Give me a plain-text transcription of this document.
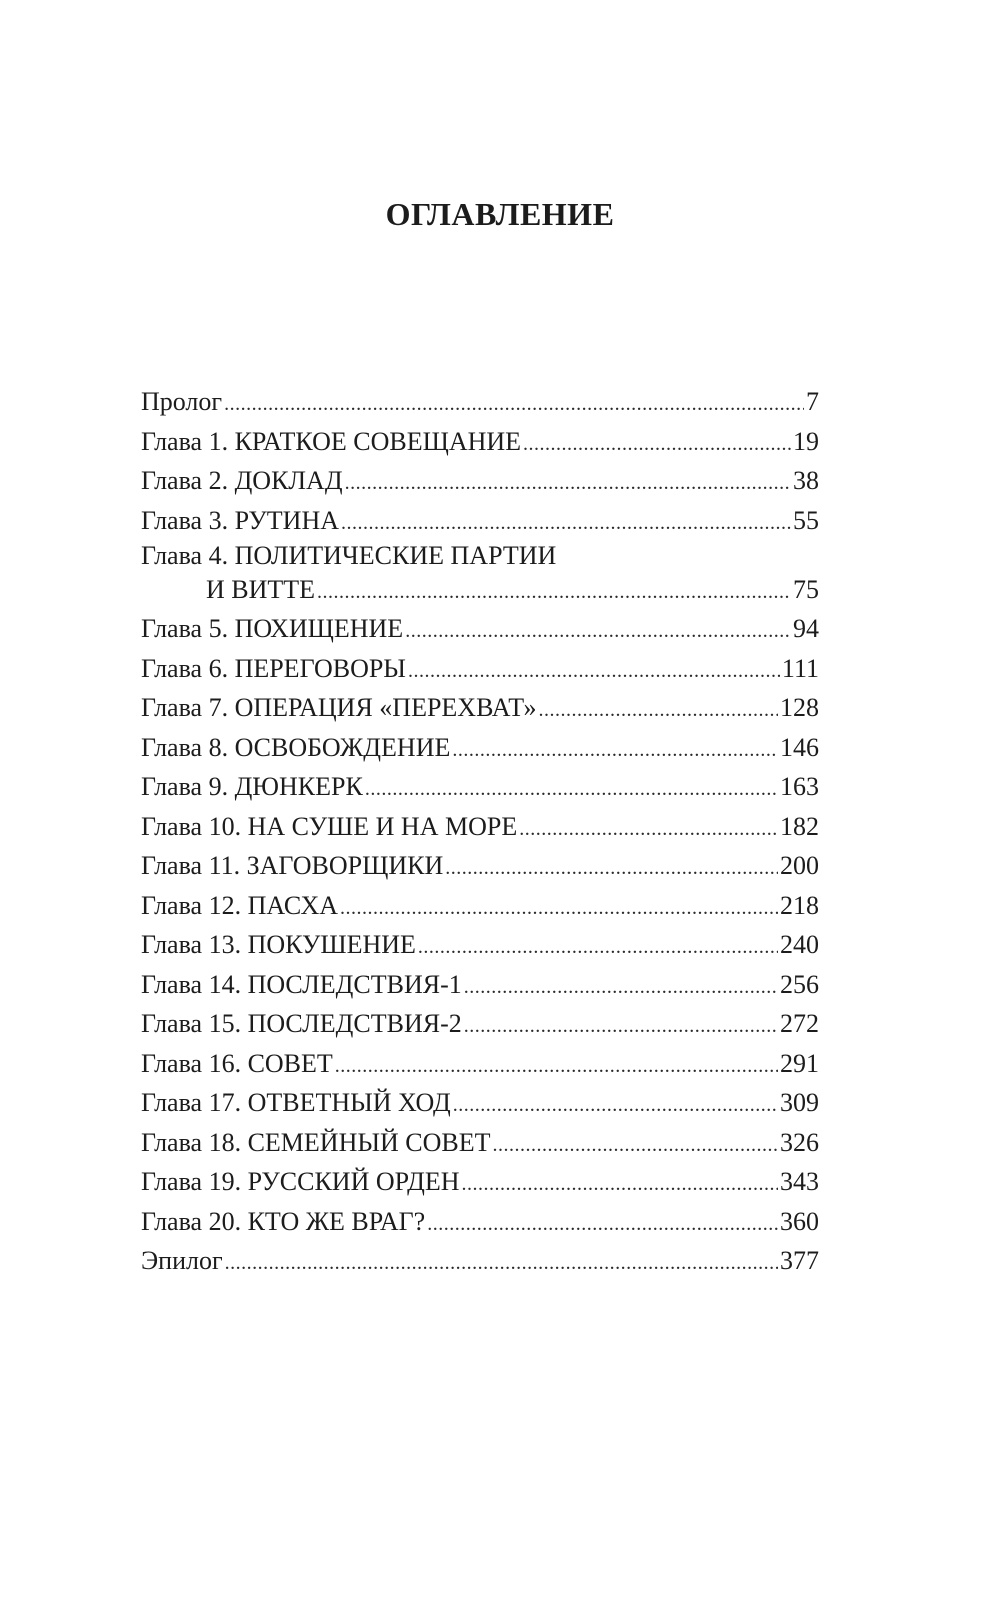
ОГЛАВЛЕНИЕ
Пролог .....	7
Глава 1. КРАТКОЕ СОВЕЩАНИЕ .....	19
Глава 2. ДОКЛАД .....	38
Глава 3. РУТИНА .....	55
Глава 4. ПОЛИТИЧЕСКИЕ ПАРТИИ
И ВИТТЕ .....	75
Глава 5. ПОХИЩЕНИЕ .....	94
Глава 6. ПЕРЕГОВОРЫ .....	111
Глава 7. ОПЕРАЦИЯ «ПЕРЕХВАТ» .....	128
Глава 8. ОСВОБОЖДЕНИЕ .....	146
Глава 9. ДЮНКЕРК .....	163
Глава 10. НА СУШЕ И НА МОРЕ .....	182
Глава 11. ЗАГОВОРЩИКИ .....	200
Глава 12. ПАСХА .....	218
Глава 13. ПОКУШЕНИЕ .....	240
Глава 14. ПОСЛЕДСТВИЯ-1 .....	256
Глава 15. ПОСЛЕДСТВИЯ-2 .....	272
Глава 16. СОВЕТ .....	291
Глава 17. ОТВЕТНЫЙ ХОД .....	309
Глава 18. СЕМЕЙНЫЙ СОВЕТ .....	326
Глава 19. РУССКИЙ ОРДЕН .....	343
Глава 20. КТО ЖЕ ВРАГ? .....	360
Эпилог .....	377
